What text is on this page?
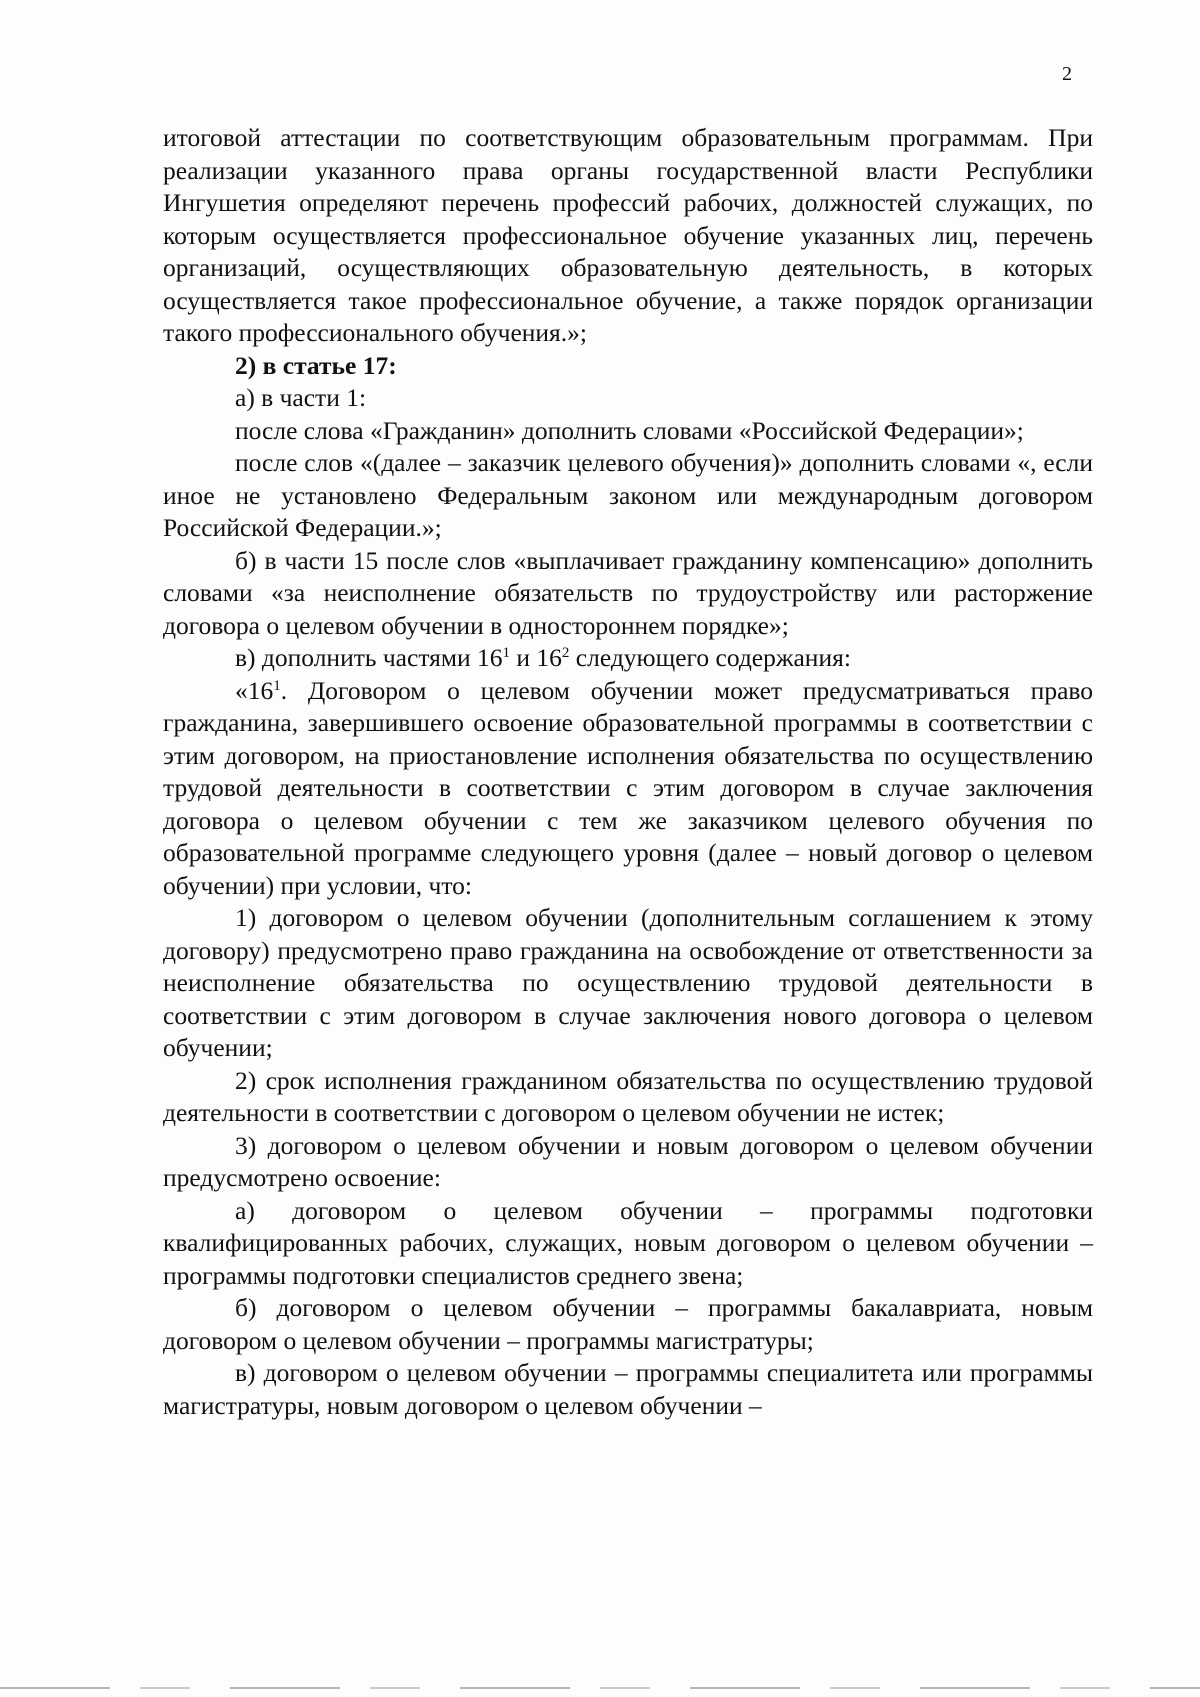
2

итоговой аттестации по соответствующим образовательным программам. При реализации указанного права органы государственной власти Республики Ингушетия определяют перечень профессий рабочих, должностей служащих, по которым осуществляется профессиональное обучение указанных лиц, перечень организаций, осуществляющих образовательную деятельность, в которых осуществляется такое профессиональное обучение, а также порядок организации такого профессионального обучения.»;

2) в статье 17:

а) в части 1:

после слова «Гражданин» дополнить словами «Российской Федерации»;

после слов «(далее – заказчик целевого обучения)» дополнить словами «, если иное не установлено Федеральным законом или международным договором Российской Федерации.»;

б) в части 15 после слов «выплачивает гражданину компенсацию» дополнить словами «за неисполнение обязательств по трудоустройству или расторжение договора о целевом обучении в одностороннем порядке»;

в) дополнить частями $16^1$ и $16^2$ следующего содержания:

«$16^1$. Договором о целевом обучении может предусматриваться право гражданина, завершившего освоение образовательной программы в соответствии с этим договором, на приостановление исполнения обязательства по осуществлению трудовой деятельности в соответствии с этим договором в случае заключения договора о целевом обучении с тем же заказчиком целевого обучения по образовательной программе следующего уровня (далее – новый договор о целевом обучении) при условии, что:

1) договором о целевом обучении (дополнительным соглашением к этому договору) предусмотрено право гражданина на освобождение от ответственности за неисполнение обязательства по осуществлению трудовой деятельности в соответствии с этим договором в случае заключения нового договора о целевом обучении;

2) срок исполнения гражданином обязательства по осуществлению трудовой деятельности в соответствии с договором о целевом обучении не истек;

3) договором о целевом обучении и новым договором о целевом обучении предусмотрено освоение:

а) договором о целевом обучении – программы подготовки квалифицированных рабочих, служащих, новым договором о целевом обучении – программы подготовки специалистов среднего звена;

б) договором о целевом обучении – программы бакалавриата, новым договором о целевом обучении – программы магистратуры;

в) договором о целевом обучении – программы специалитета или программы магистратуры, новым договором о целевом обучении –
